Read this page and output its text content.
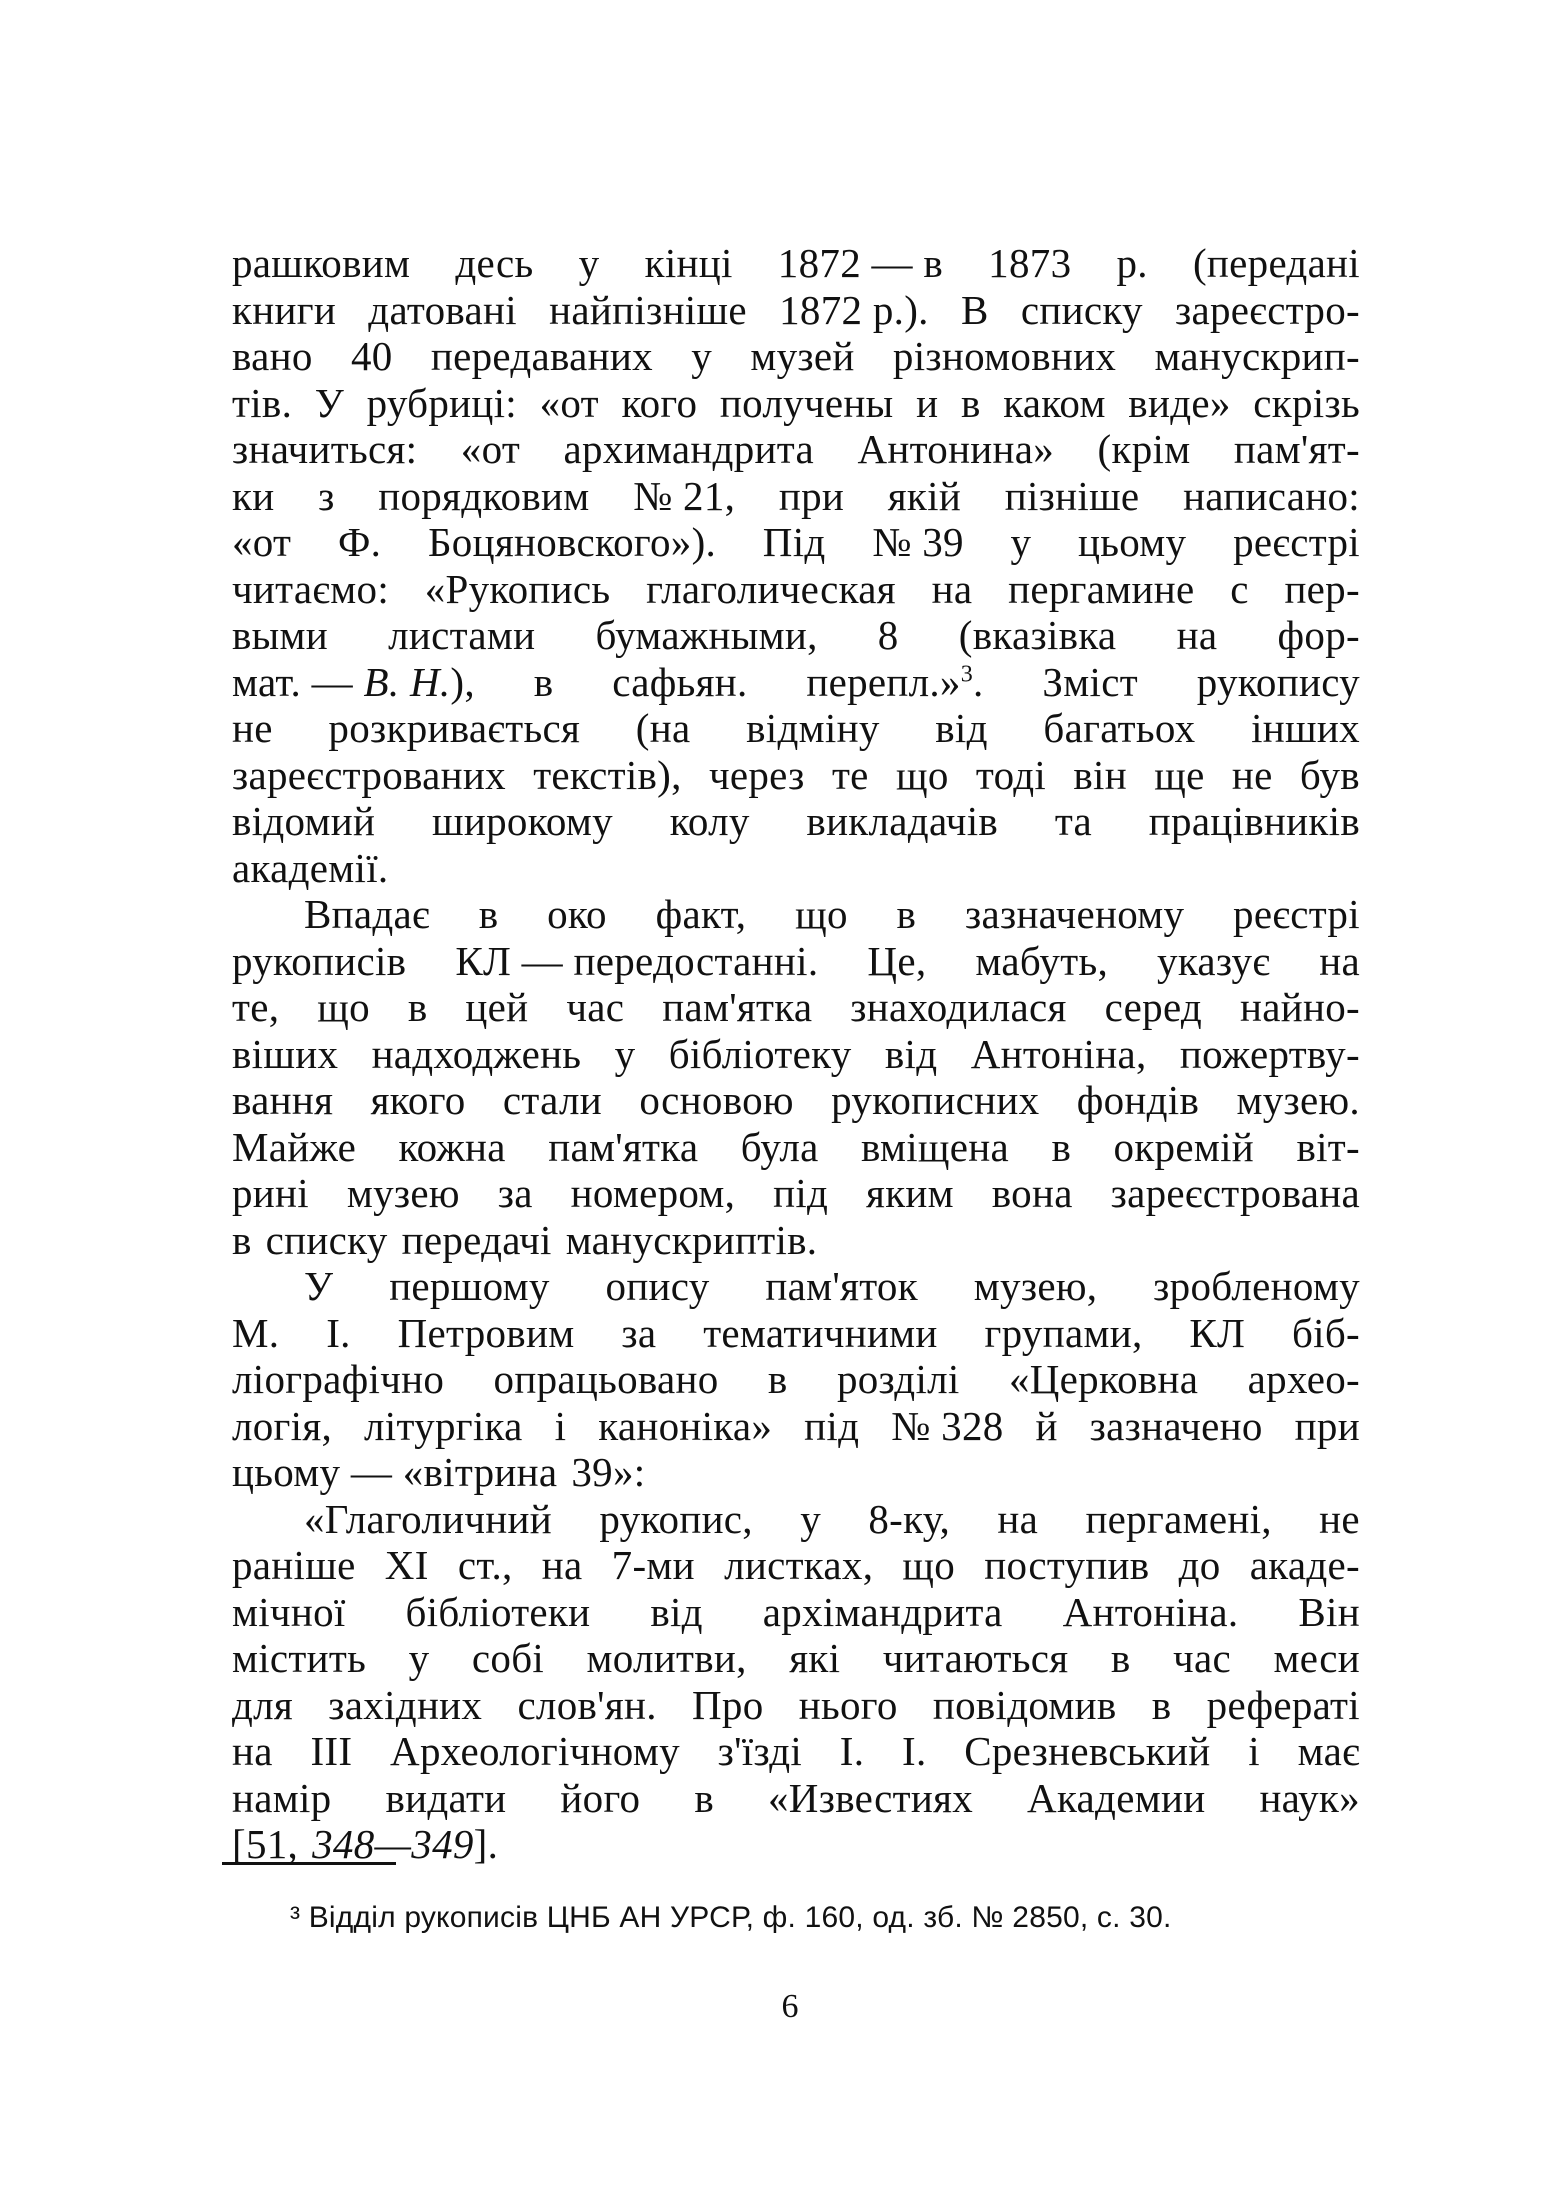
рашковим десь у кінці 1872 — в 1873 р. (передані
книги датовані найпізніше 1872 р.). В списку зареєстро-
вано 40 передаваних у музей різномовних манускрип-
тів. У рубриці: «от кого получены и в каком виде» скрізь
значиться: «от архимандрита Антонина» (крім пам'ят-
ки з порядковим № 21, при якій пізніше написано:
«от Ф. Боцяновского»). Під № 39 у цьому реєстрі
читаємо: «Рукопись глаголическая на пергамине с пер-
выми листами бумажными, 8 (вказівка на фор-
мат. — В. Н.), в сафьян. перепл.»$^3$. Зміст рукопису
не розкривається (на відміну від багатьох інших
зареєстрованих текстів), через те що тоді він ще не був
відомий широкому колу викладачів та працівників
академії.
Впадає в око факт, що в зазначеному реєстрі
рукописів КЛ — передостанні. Це, мабуть, указує на
те, що в цей час пам'ятка знаходилася серед найно-
віших надходжень у бібліотеку від Антоніна, пожертву-
вання якого стали основою рукописних фондів музею.
Майже кожна пам'ятка була вміщена в окремій віт-
рині музею за номером, під яким вона зареєстрована
в списку передачі манускриптів.
У першому опису пам'яток музею, зробленому
М. І. Петровим за тематичними групами, КЛ біб-
ліографічно опрацьовано в розділі «Церковна археo-
логія, літургіка і каноніка» під № 328 й зазначено при
цьому — «вітрина 39»:
«Глаголичний рукопис, у 8-ку, на пергамені, не
раніше XI ст., на 7-ми листках, що поступив до акаде-
мічної бібліотеки від архімандрита Антоніна. Він
містить у собі молитви, які читаються в час меси
для західних слов'ян. Про нього повідомив в рефераті
на III Археологічному з'їзді І. І. Срезневський і має
намір видати його в «Известиях Академии наук»
[51, 348—349].
³ Відділ рукописів ЦНБ АН УРСР, ф. 160, од. зб. № 2850, с. 30.
6
